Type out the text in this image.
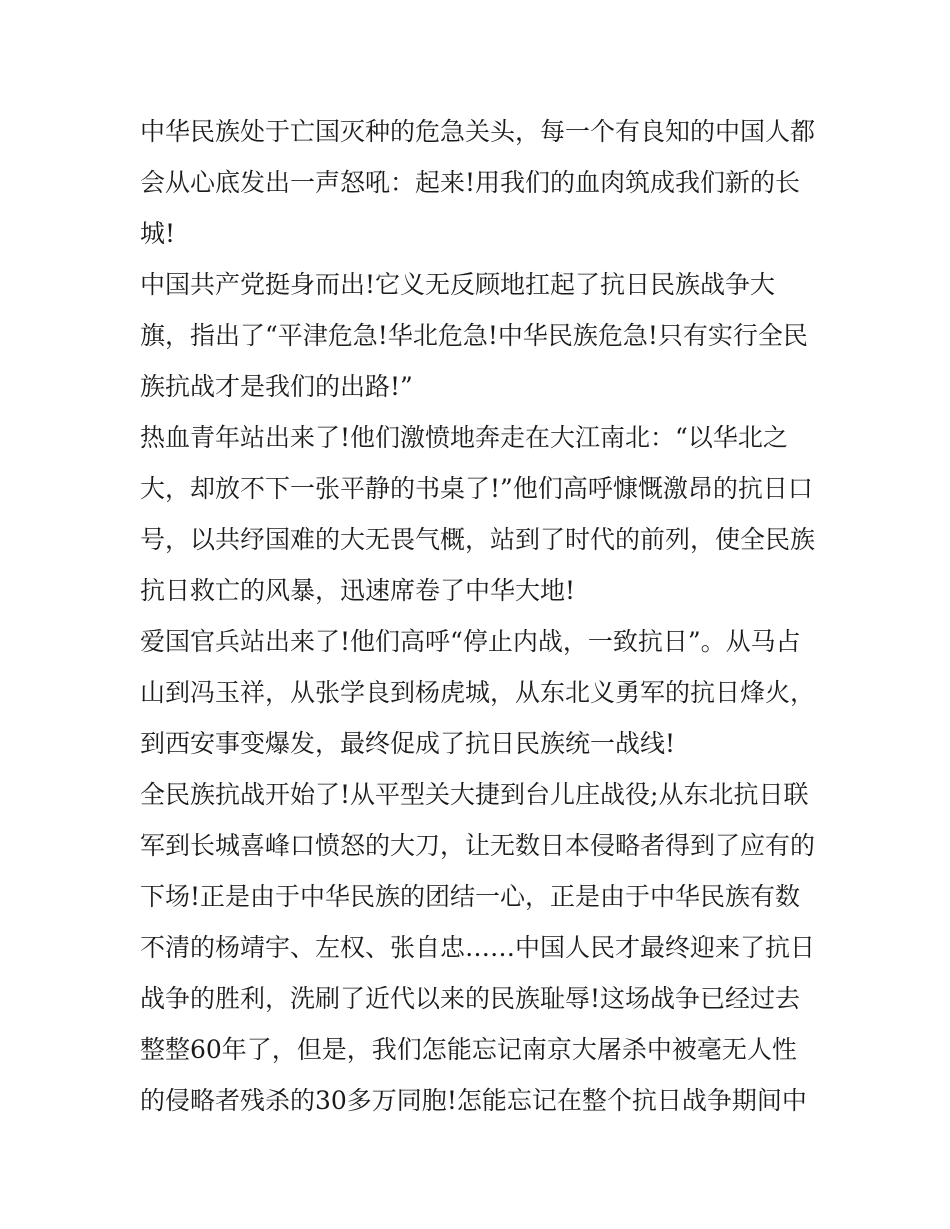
中华民族处于亡国灭种的危急关头，每一个有良知的中国人都
会从心底发出一声怒吼：起来!用我们的血肉筑成我们新的长
城!
中国共产党挺身而出!它义无反顾地扛起了抗日民族战争大
旗，指出了“平津危急!华北危急!中华民族危急!只有实行全民
族抗战才是我们的出路!”
热血青年站出来了!他们激愤地奔走在大江南北：“以华北之
大，却放不下一张平静的书桌了!”他们高呼慷慨激昂的抗日口
号，以共纾国难的大无畏气概，站到了时代的前列，使全民族
抗日救亡的风暴，迅速席卷了中华大地!
爱国官兵站出来了!他们高呼“停止内战，一致抗日”。从马占
山到冯玉祥，从张学良到杨虎城，从东北义勇军的抗日烽火，
到西安事变爆发，最终促成了抗日民族统一战线!
全民族抗战开始了!从平型关大捷到台儿庄战役;从东北抗日联
军到长城喜峰口愤怒的大刀，让无数日本侵略者得到了应有的
下场!正是由于中华民族的团结一心，正是由于中华民族有数
不清的杨靖宇、左权、张自忠……中国人民才最终迎来了抗日
战争的胜利，洗刷了近代以来的民族耻辱!这场战争已经过去
整整60年了，但是，我们怎能忘记南京大屠杀中被毫无人性
的侵略者残杀的30多万同胞!怎能忘记在整个抗日战争期间中
